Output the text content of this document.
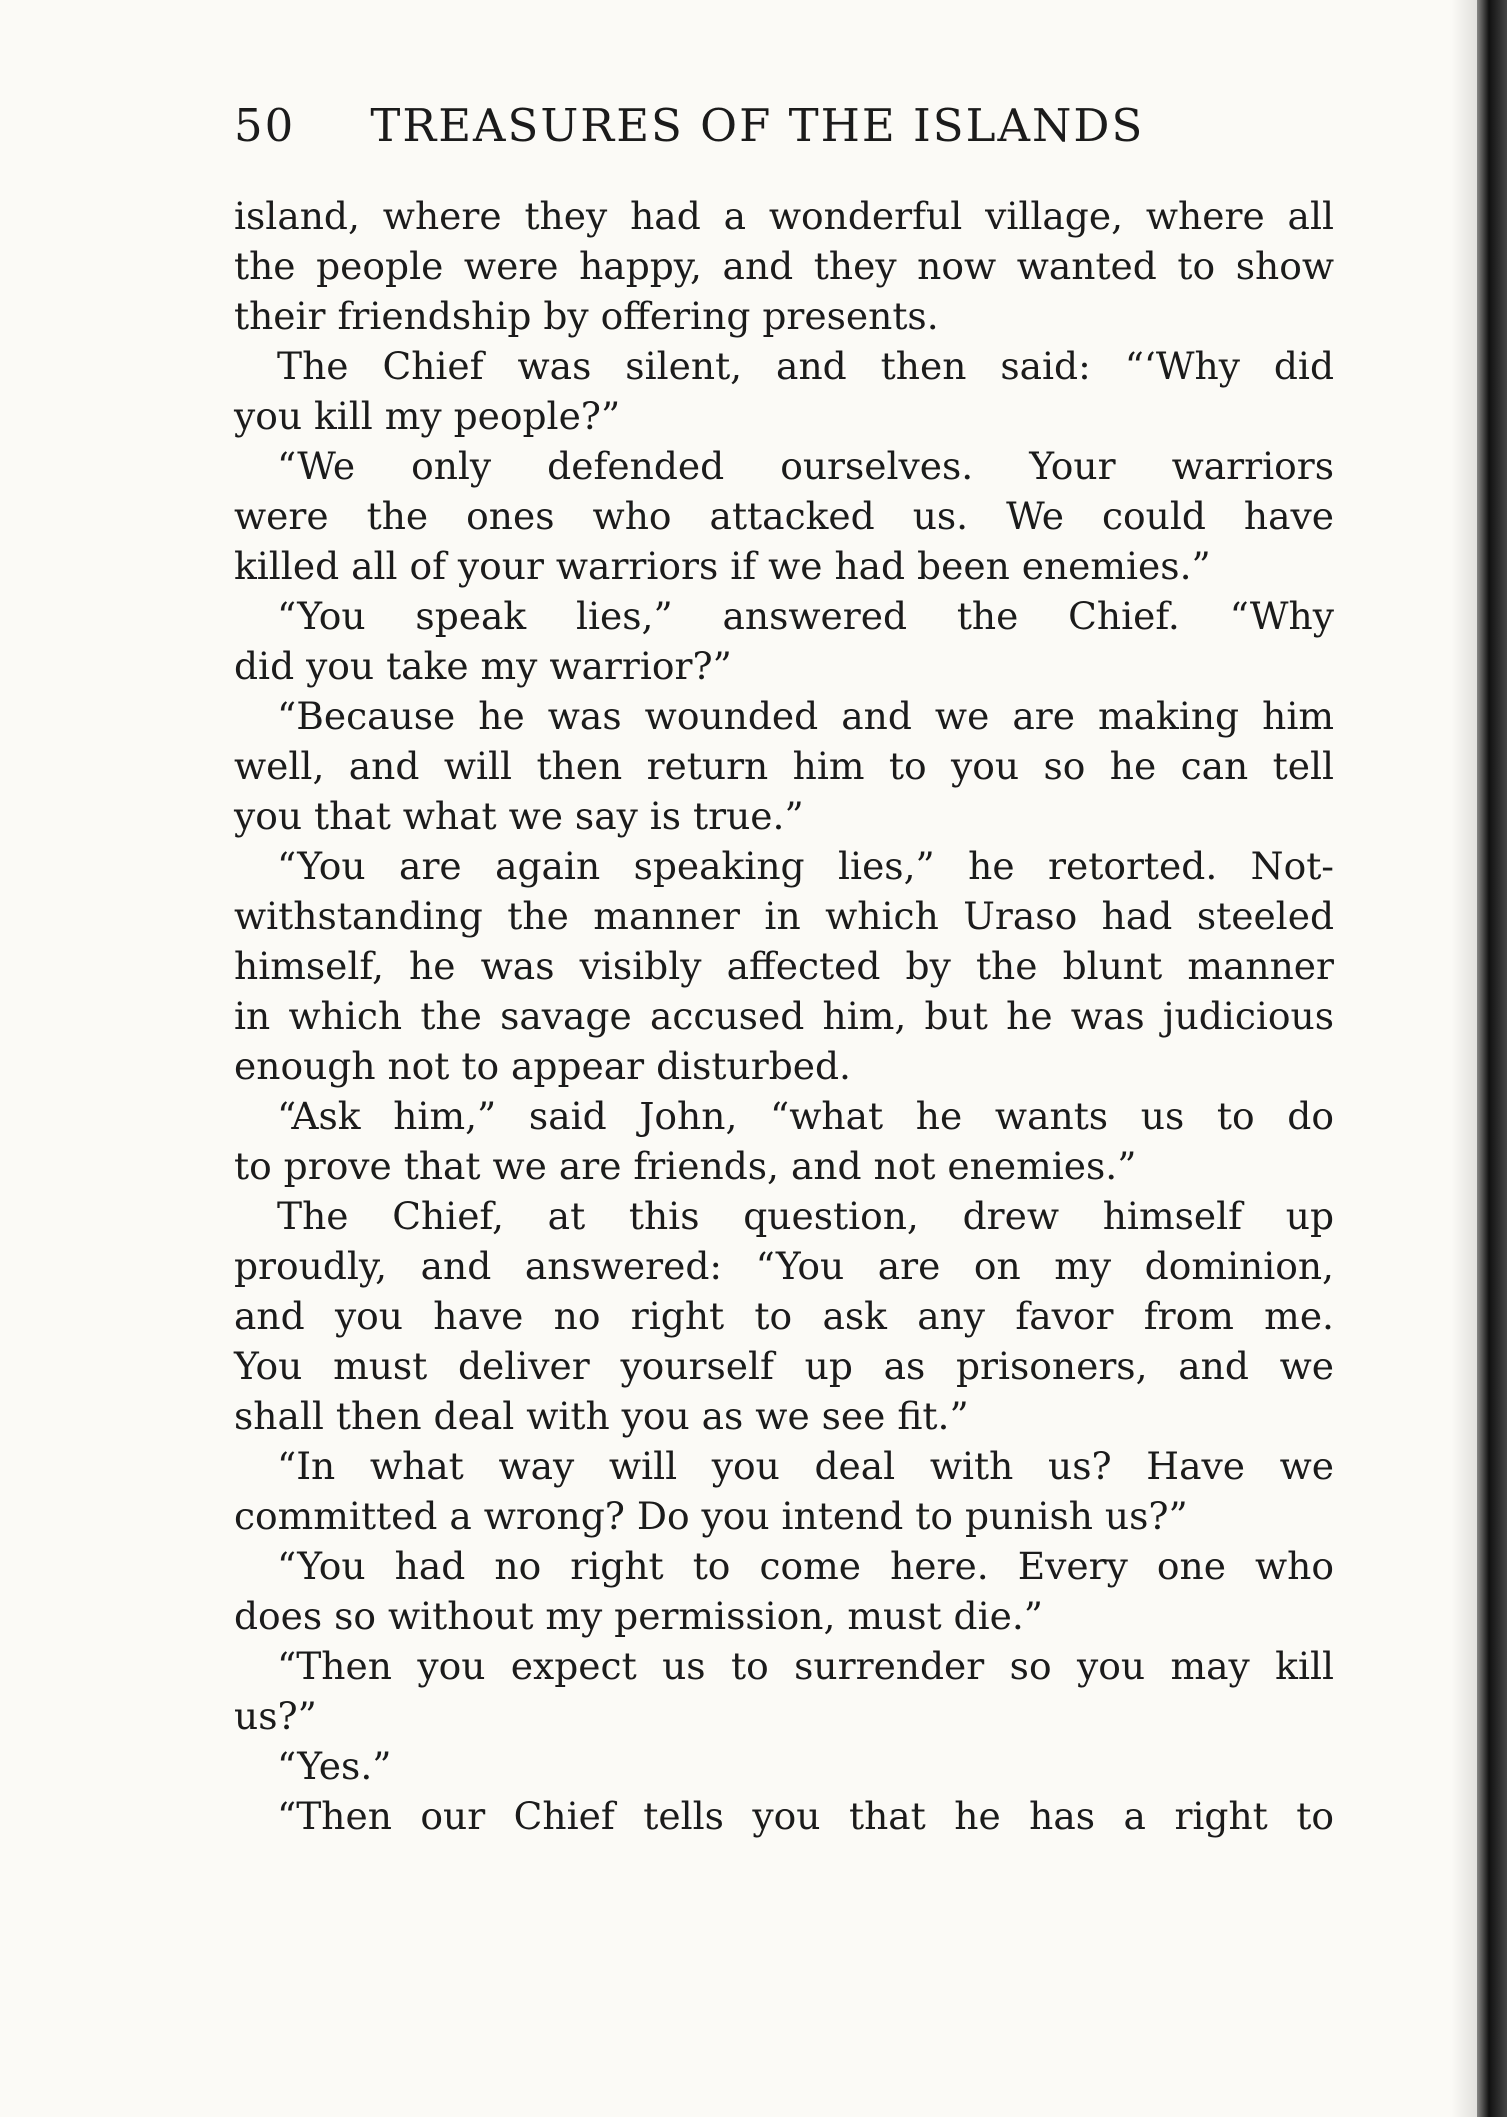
50 TREASURES OF THE ISLANDS
island, where they had a wonderful village, where all
the people were happy, and they now wanted to show
their friendship by offering presents.
The Chief was silent, and then said: “‘Why did
you kill my people?”
“We only defended ourselves. Your warriors
were the ones who attacked us. We could have
killed all of your warriors if we had been enemies.”
“You speak lies,” answered the Chief. “Why
did you take my warrior?”
“Because he was wounded and we are making him
well, and will then return him to you so he can tell
you that what we say is true.”
“You are again speaking lies,” he retorted. Not-
withstanding the manner in which Uraso had steeled
himself, he was visibly affected by the blunt manner
in which the savage accused him, but he was judicious
enough not to appear disturbed.
“Ask him,” said John, “what he wants us to do
to prove that we are friends, and not enemies.”
The Chief, at this question, drew himself up
proudly, and answered: “You are on my dominion,
and you have no right to ask any favor from me.
You must deliver yourself up as prisoners, and we
shall then deal with you as we see fit.”
“In what way will you deal with us? Have we
committed a wrong? Do you intend to punish us?”
“You had no right to come here. Every one who
does so without my permission, must die.”
“Then you expect us to surrender so you may kill
us?”
“Yes.”
“Then our Chief tells you that he has a right to
